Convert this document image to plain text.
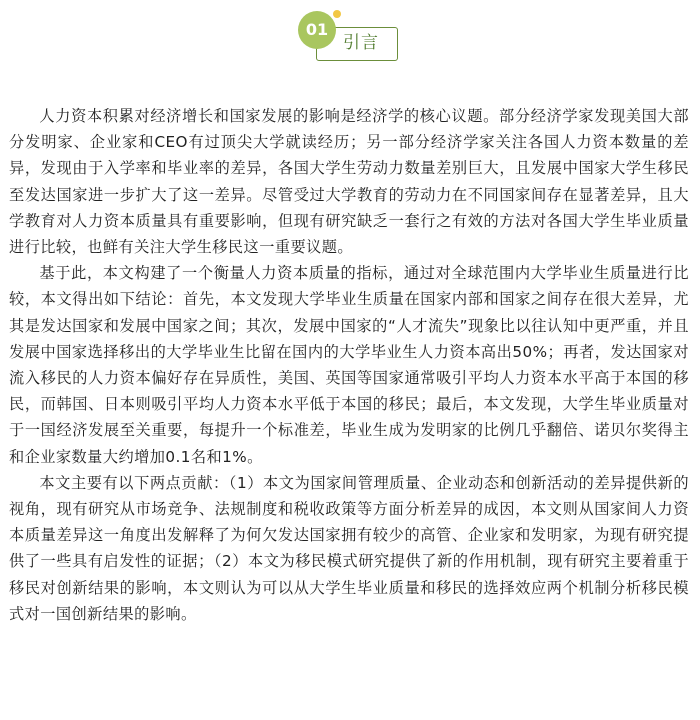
01
引言

人力资本积累对经济增长和国家发展的影响是经济学的核心议题。部分经济学家发现美国大部分发明家、企业家和CEO有过顶尖大学就读经历；另一部分经济学家关注各国人力资本数量的差异，发现由于入学率和毕业率的差异，各国大学生劳动力数量差别巨大，且发展中国家大学生移民至发达国家进一步扩大了这一差异。尽管受过大学教育的劳动力在不同国家间存在显著差异，且大学教育对人力资本质量具有重要影响，但现有研究缺乏一套行之有效的方法对各国大学生毕业质量进行比较，也鲜有关注大学生移民这一重要议题。

基于此，本文构建了一个衡量人力资本质量的指标，通过对全球范围内大学毕业生质量进行比较，本文得出如下结论：首先，本文发现大学毕业生质量在国家内部和国家之间存在很大差异，尤其是发达国家和发展中国家之间；其次，发展中国家的“人才流失”现象比以往认知中更严重，并且发展中国家选择移出的大学毕业生比留在国内的大学毕业生人力资本高出50%；再者，发达国家对流入移民的人力资本偏好存在异质性，美国、英国等国家通常吸引平均人力资本水平高于本国的移民，而韩国、日本则吸引平均人力资本水平低于本国的移民；最后，本文发现，大学生毕业质量对于一国经济发展至关重要，每提升一个标准差，毕业生成为发明家的比例几乎翻倍、诺贝尔奖得主和企业家数量大约增加0.1名和1%。

本文主要有以下两点贡献：（1）本文为国家间管理质量、企业动态和创新活动的差异提供新的视角，现有研究从市场竞争、法规制度和税收政策等方面分析差异的成因，本文则从国家间人力资本质量差异这一角度出发解释了为何欠发达国家拥有较少的高管、企业家和发明家，为现有研究提供了一些具有启发性的证据；（2）本文为移民模式研究提供了新的作用机制，现有研究主要着重于移民对创新结果的影响，本文则认为可以从大学生毕业质量和移民的选择效应两个机制分析移民模式对一国创新结果的影响。
